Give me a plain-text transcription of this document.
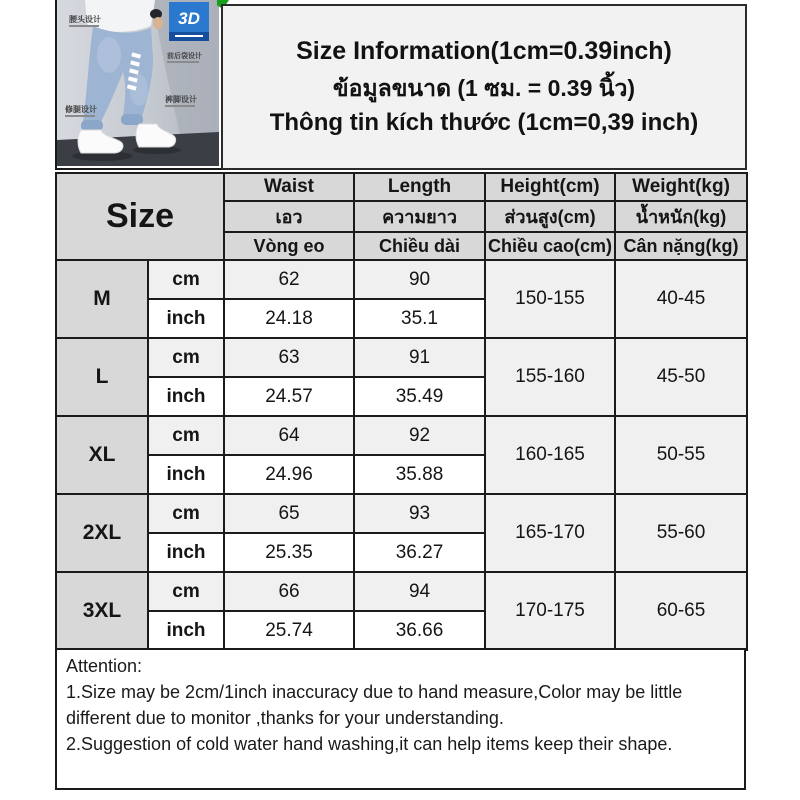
腰头设计
前后袋设计
裤脚设计
修腿设计
3D
Size Information(1cm=0.39inch)
ข้อมูลขนาด (1 ซม. = 0.39 นิ้ว)
Thông tin kích thước (1cm=0,39 inch)
Size		Waist	Length	Height(cm)	Weight(kg)
		เอว	ความยาว	ส่วนสูง(cm)	น้ำหนัก(kg)
		Vòng eo	Chiều dài	Chiều cao(cm)	Cân nặng(kg)
M	cm	62	90	150-155	40-45
	inch	24.18	35.1		
L	cm	63	91	155-160	45-50
	inch	24.57	35.49		
XL	cm	64	92	160-165	50-55
	inch	24.96	35.88		
2XL	cm	65	93	165-170	55-60
	inch	25.35	36.27		
3XL	cm	66	94	170-175	60-65
	inch	25.74	36.66		

Attention:

1.Size may be 2cm/1inch inaccuracy due to hand measure,Color may be little different due to monitor ,thanks for your understanding.

2.Suggestion of cold water hand washing,it can help items keep their shape.
